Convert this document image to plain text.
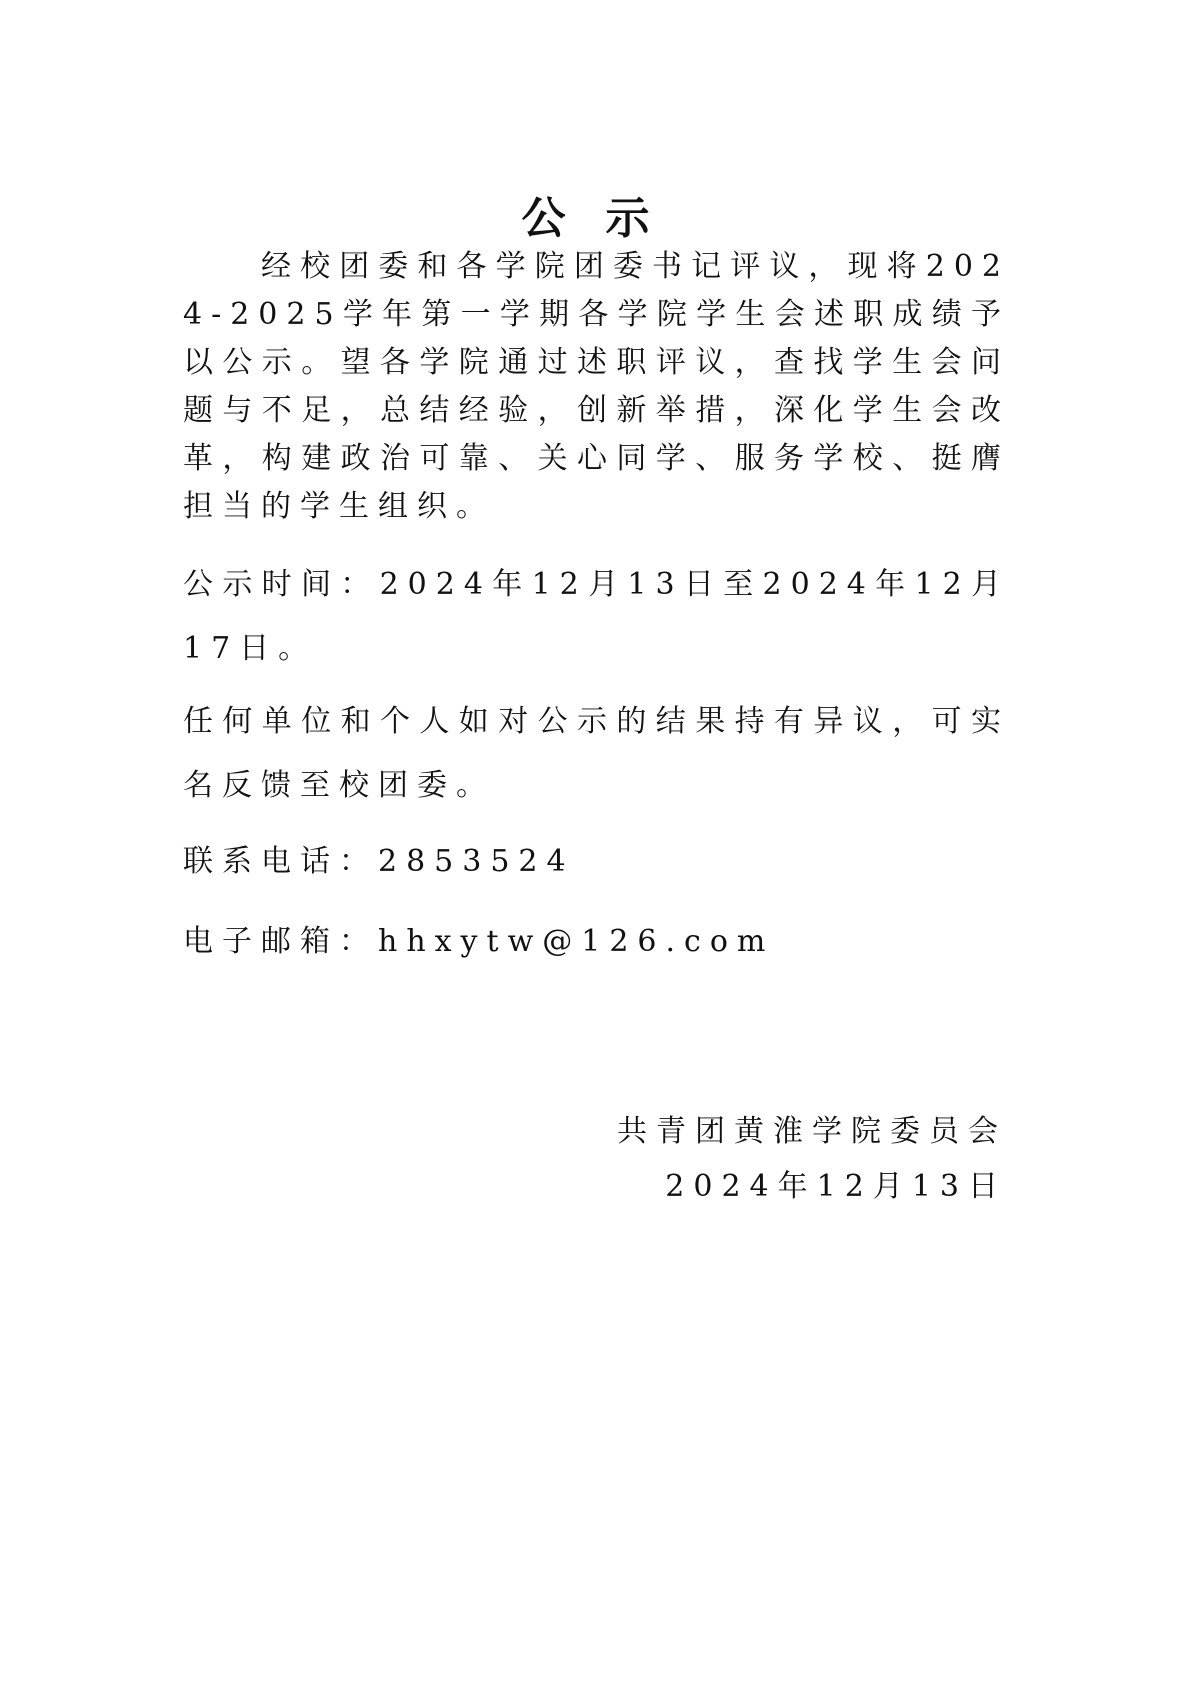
公示

经校团委和各学院团委书记评议，现将2024-2025学年第一学期各学院学生会述职成绩予以公示。望各学院通过述职评议，查找学生会问题与不足，总结经验，创新举措，深化学生会改革，构建政治可靠、关心同学、服务学校、挺膺担当的学生组织。

公示时间：2024年12月13日至2024年12月17日。

任何单位和个人如对公示的结果持有异议，可实名反馈至校团委。

联系电话：2853524

电子邮箱：hhxytw@126.com

共青团黄淮学院委员会

2024年12月13日
